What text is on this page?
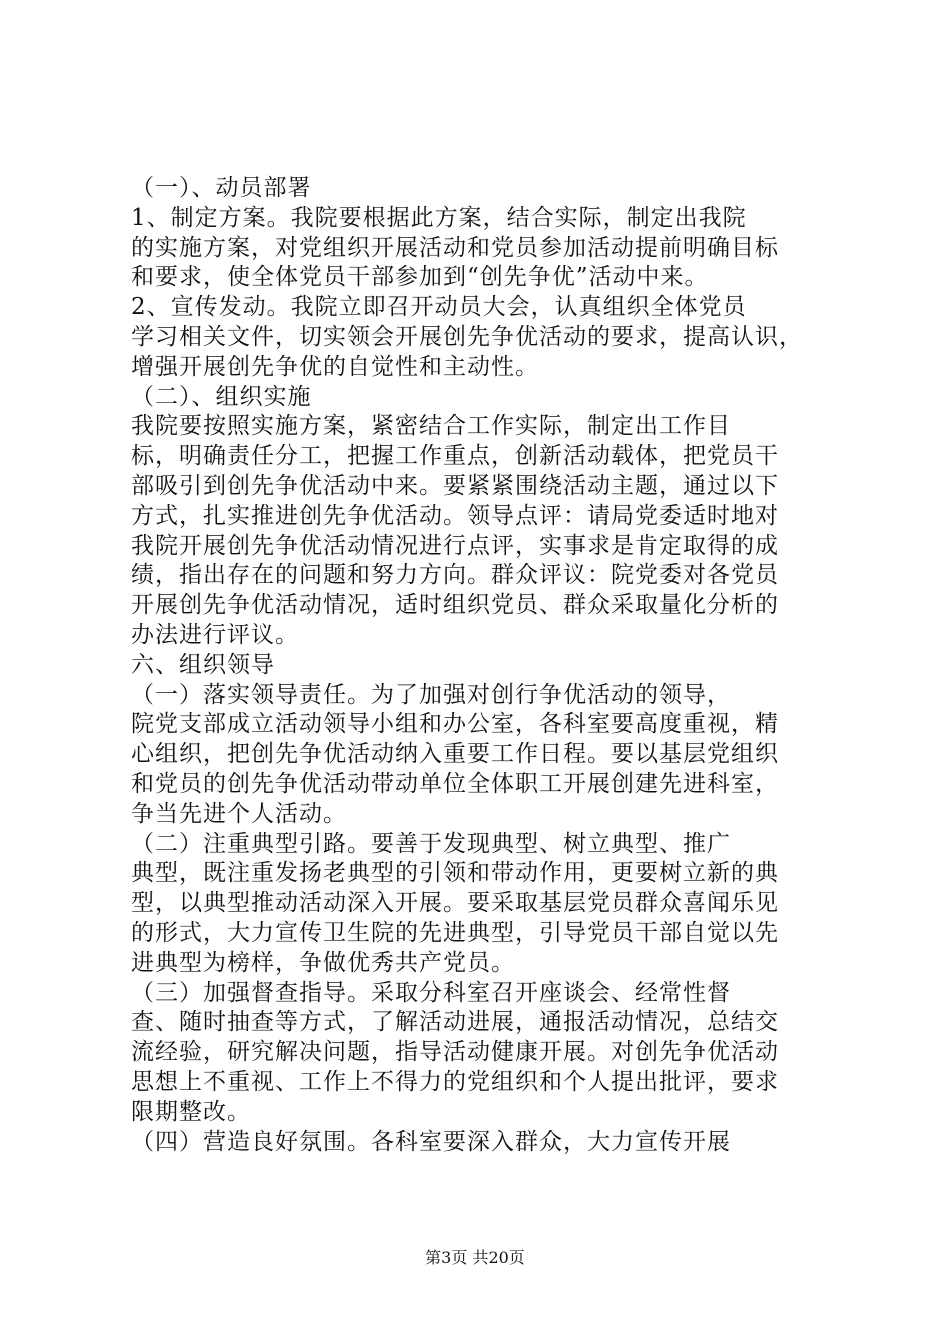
（一）、动员部署
1、制定方案。我院要根据此方案，结合实际，制定出我院
的实施方案，对党组织开展活动和党员参加活动提前明确目标
和要求，使全体党员干部参加到“创先争优”活动中来。
2、宣传发动。我院立即召开动员大会，认真组织全体党员
学习相关文件，切实领会开展创先争优活动的要求，提高认识，
增强开展创先争优的自觉性和主动性。
（二）、组织实施
我院要按照实施方案，紧密结合工作实际，制定出工作目
标，明确责任分工，把握工作重点，创新活动载体，把党员干
部吸引到创先争优活动中来。要紧紧围绕活动主题，通过以下
方式，扎实推进创先争优活动。领导点评：请局党委适时地对
我院开展创先争优活动情况进行点评，实事求是肯定取得的成
绩，指出存在的问题和努力方向。群众评议：院党委对各党员
开展创先争优活动情况，适时组织党员、群众采取量化分析的
办法进行评议。
六、组织领导
（一）落实领导责任。为了加强对创行争优活动的领导，
院党支部成立活动领导小组和办公室，各科室要高度重视，精
心组织，把创先争优活动纳入重要工作日程。要以基层党组织
和党员的创先争优活动带动单位全体职工开展创建先进科室，
争当先进个人活动。
（二）注重典型引路。要善于发现典型、树立典型、推广
典型，既注重发扬老典型的引领和带动作用，更要树立新的典
型，以典型推动活动深入开展。要采取基层党员群众喜闻乐见
的形式，大力宣传卫生院的先进典型，引导党员干部自觉以先
进典型为榜样，争做优秀共产党员。
（三）加强督查指导。采取分科室召开座谈会、经常性督
查、随时抽查等方式，了解活动进展，通报活动情况，总结交
流经验，研究解决问题，指导活动健康开展。对创先争优活动
思想上不重视、工作上不得力的党组织和个人提出批评，要求
限期整改。
（四）营造良好氛围。各科室要深入群众，大力宣传开展
第3页 共20页
